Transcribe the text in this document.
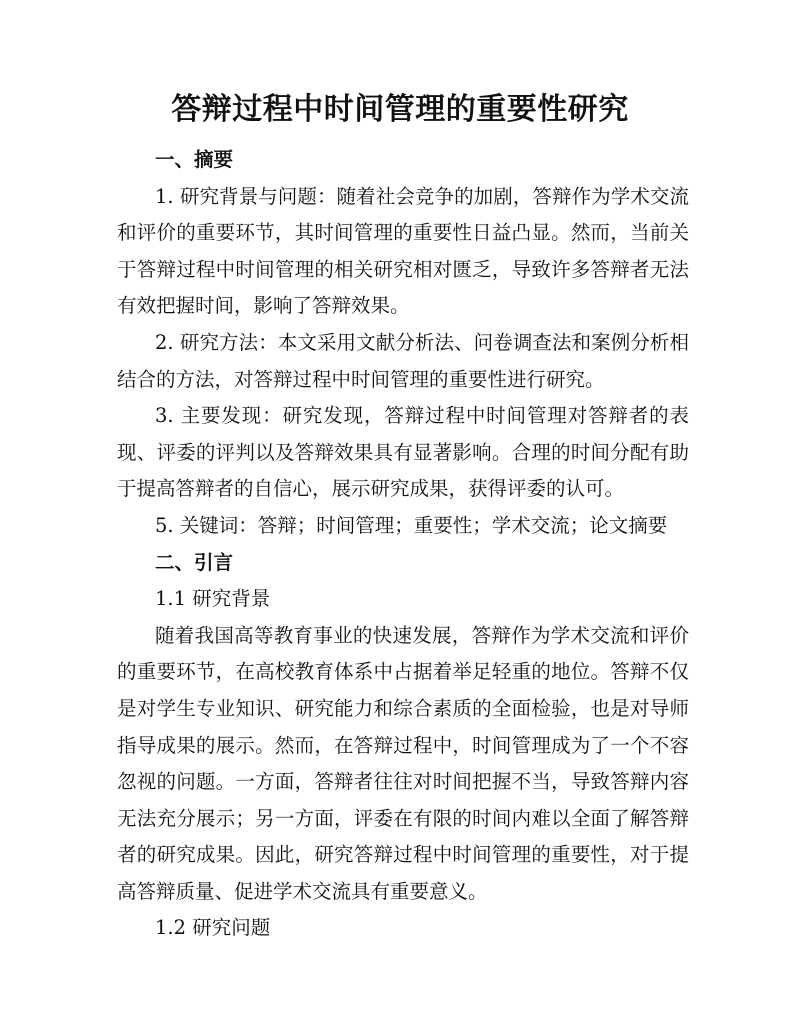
答辩过程中时间管理的重要性研究

一、摘要

1. 研究背景与问题：随着社会竞争的加剧，答辩作为学术交流和评价的重要环节，其时间管理的重要性日益凸显。然而，当前关于答辩过程中时间管理的相关研究相对匮乏，导致许多答辩者无法有效把握时间，影响了答辩效果。

2. 研究方法：本文采用文献分析法、问卷调查法和案例分析相结合的方法，对答辩过程中时间管理的重要性进行研究。

3. 主要发现：研究发现，答辩过程中时间管理对答辩者的表现、评委的评判以及答辩效果具有显著影响。合理的时间分配有助于提高答辩者的自信心，展示研究成果，获得评委的认可。

5. 关键词：答辩；时间管理；重要性；学术交流；论文摘要

二、引言

1.1 研究背景

随着我国高等教育事业的快速发展，答辩作为学术交流和评价的重要环节，在高校教育体系中占据着举足轻重的地位。答辩不仅是对学生专业知识、研究能力和综合素质的全面检验，也是对导师指导成果的展示。然而，在答辩过程中，时间管理成为了一个不容忽视的问题。一方面，答辩者往往对时间把握不当，导致答辩内容无法充分展示；另一方面，评委在有限的时间内难以全面了解答辩者的研究成果。因此，研究答辩过程中时间管理的重要性，对于提高答辩质量、促进学术交流具有重要意义。

1.2 研究问题
